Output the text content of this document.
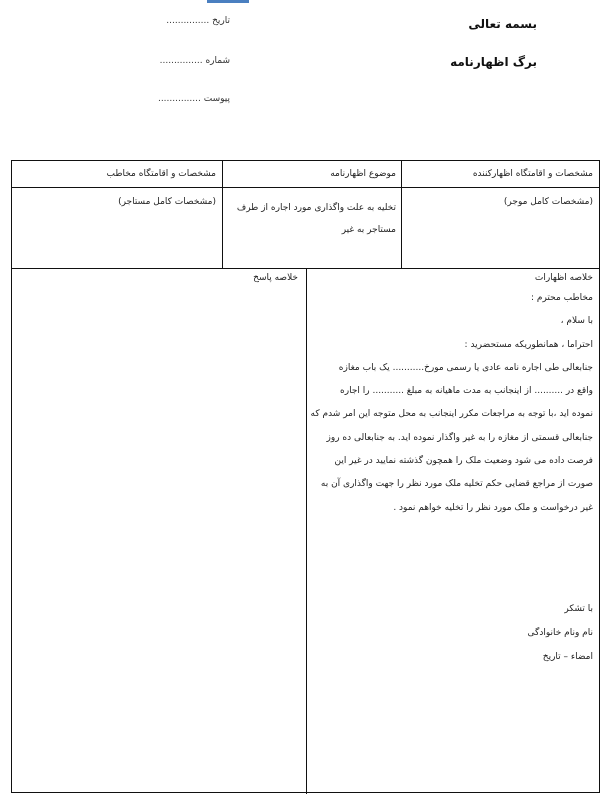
بسمه تعالی
برگ اظهارنامه
تاریخ ...............
شماره ...............
پیوست ...............
مشخصات و اقامتگاه اظهارکننده
موضوع اظهارنامه
مشخصات و اقامتگاه مخاطب
(مشخصات کامل موجر)
تخلیه به علت واگذاری مورد اجاره از طرف
مستاجر به غیر
(مشخصات کامل مستاجر)
خلاصه اظهارات
خلاصه پاسخ
مخاطب محترم :
با سلام ،
احتراما ، همانطوریکه مستحضرید :
جنابعالی طی اجاره نامه عادی یا رسمی مورخ........... یک باب مغازه
واقع در .......... از اینجانب به مدت ماهیانه به مبلغ ........... را اجاره
نموده اید ،با توجه به مراجعات مکرر اینجانب به محل متوجه این امر شدم که
جنابعالی قسمتی از مغازه را به غیر واگذار نموده اید. به جنابعالی ده روز
فرصت داده می شود وضعیت ملک را همچون گذشته نمایید در غیر این
صورت از مراجع قضایی حکم تخلیه ملک مورد نظر را جهت واگذاری آن به
غیر درخواست و ملک مورد نظر را تخلیه خواهم نمود .
با تشکر
نام ونام خانوادگی
امضاء – تاریخ
